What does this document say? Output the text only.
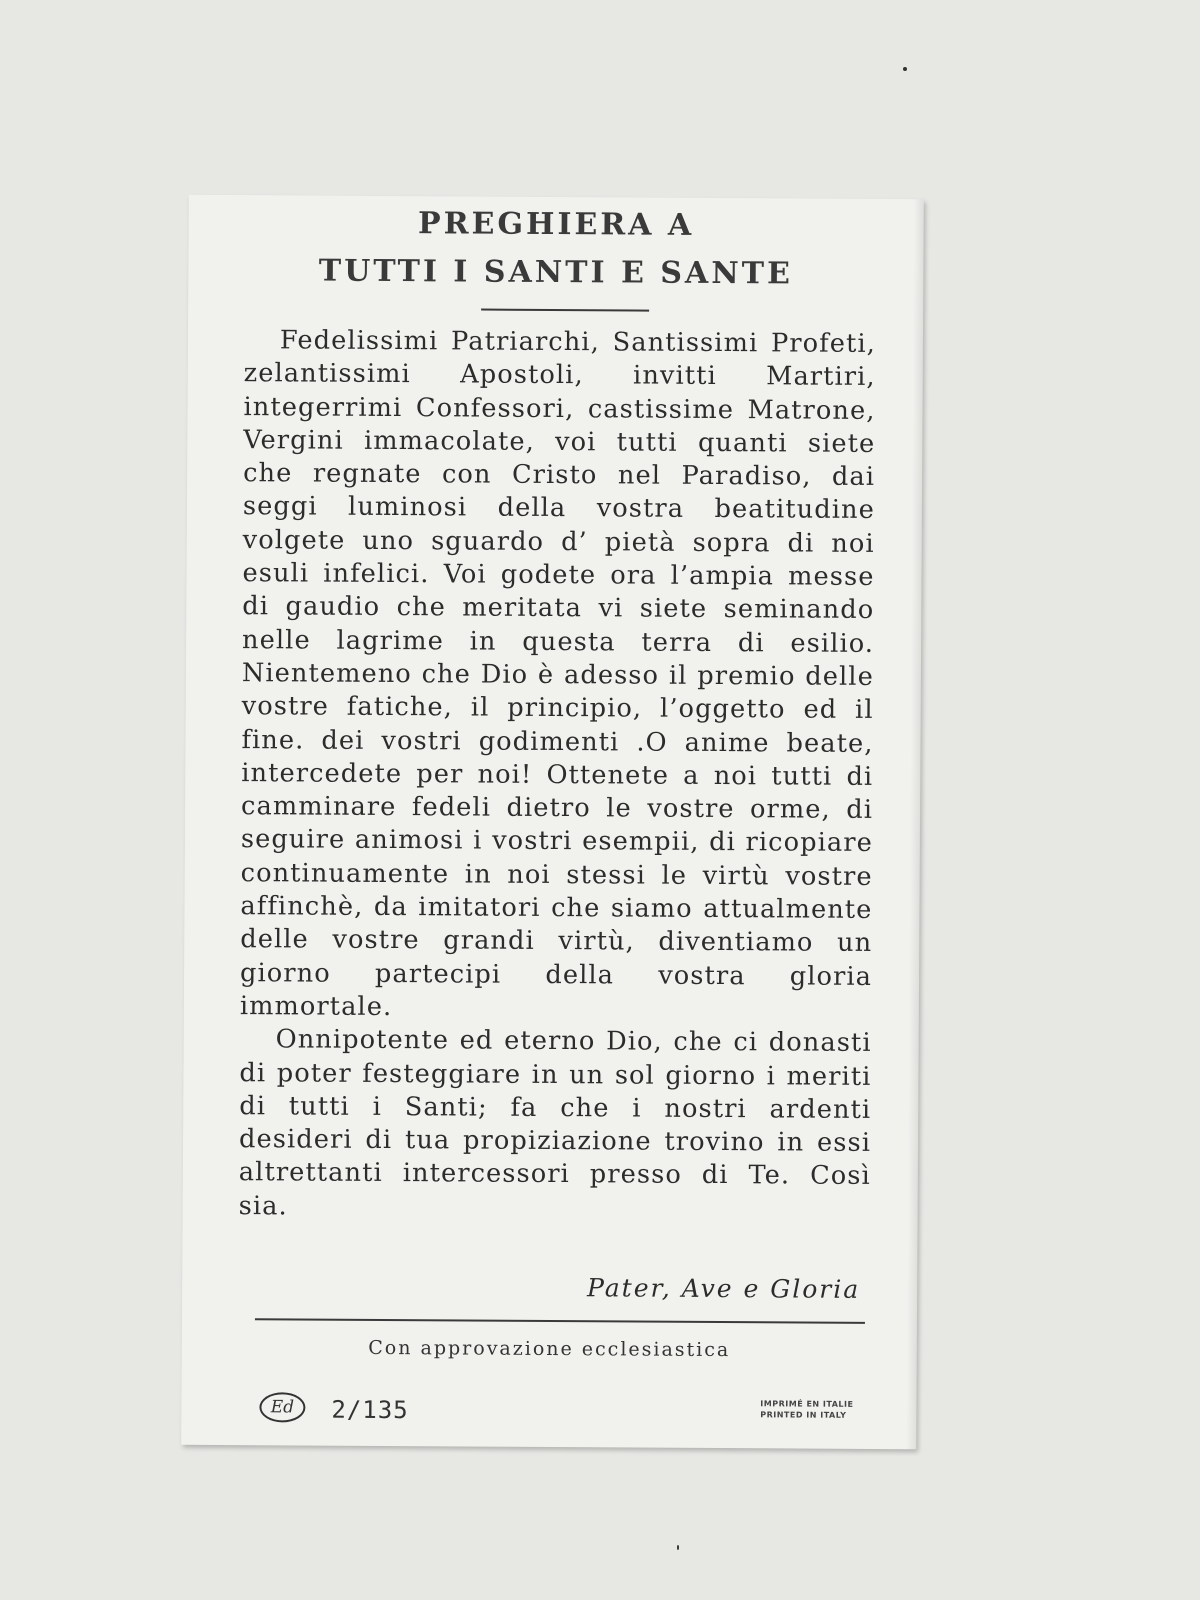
PREGHIERA A
TUTTI I SANTI E SANTE

Fedelissimi Patriarchi, Santissimi Profeti, zelantissimi Apostoli, invitti Martiri, integerrimi Confessori, castissime Matrone, Vergini immacolate, voi tutti quanti siete che regnate con Cristo nel Paradiso, dai seggi luminosi della vostra beatitudine volgete uno sguardo d’ pietà sopra di noi esuli infelici. Voi godete ora l’ampia messe di gaudio che meritata vi siete seminando nelle lagrime in questa terra di esilio. Nientemeno che Dio è adesso il premio delle vostre fatiche, il principio, l’oggetto ed il fine. dei vostri godimenti .O anime beate, intercedete per noi! Ottenete a noi tutti di camminare fedeli dietro le vostre orme, di seguire animosi i vostri esempii, di ricopiare continuamente in noi stessi le virtù vostre affinchè, da imitatori che siamo attualmente delle vostre grandi virtù, diventiamo un giorno partecipi della vostra gloria immortale.

Onnipotente ed eterno Dio, che ci donasti di poter festeggiare in un sol giorno i meriti di tutti i Santi; fa che i nostri ardenti desideri di tua propiziazione trovino in essi altrettanti intercessori presso di Te. Così sia.

Pater, Ave e Gloria
Con approvazione ecclesiastica
Ed 2/135	IMPRIMÉ EN ITALIE
PRINTED IN ITALY
